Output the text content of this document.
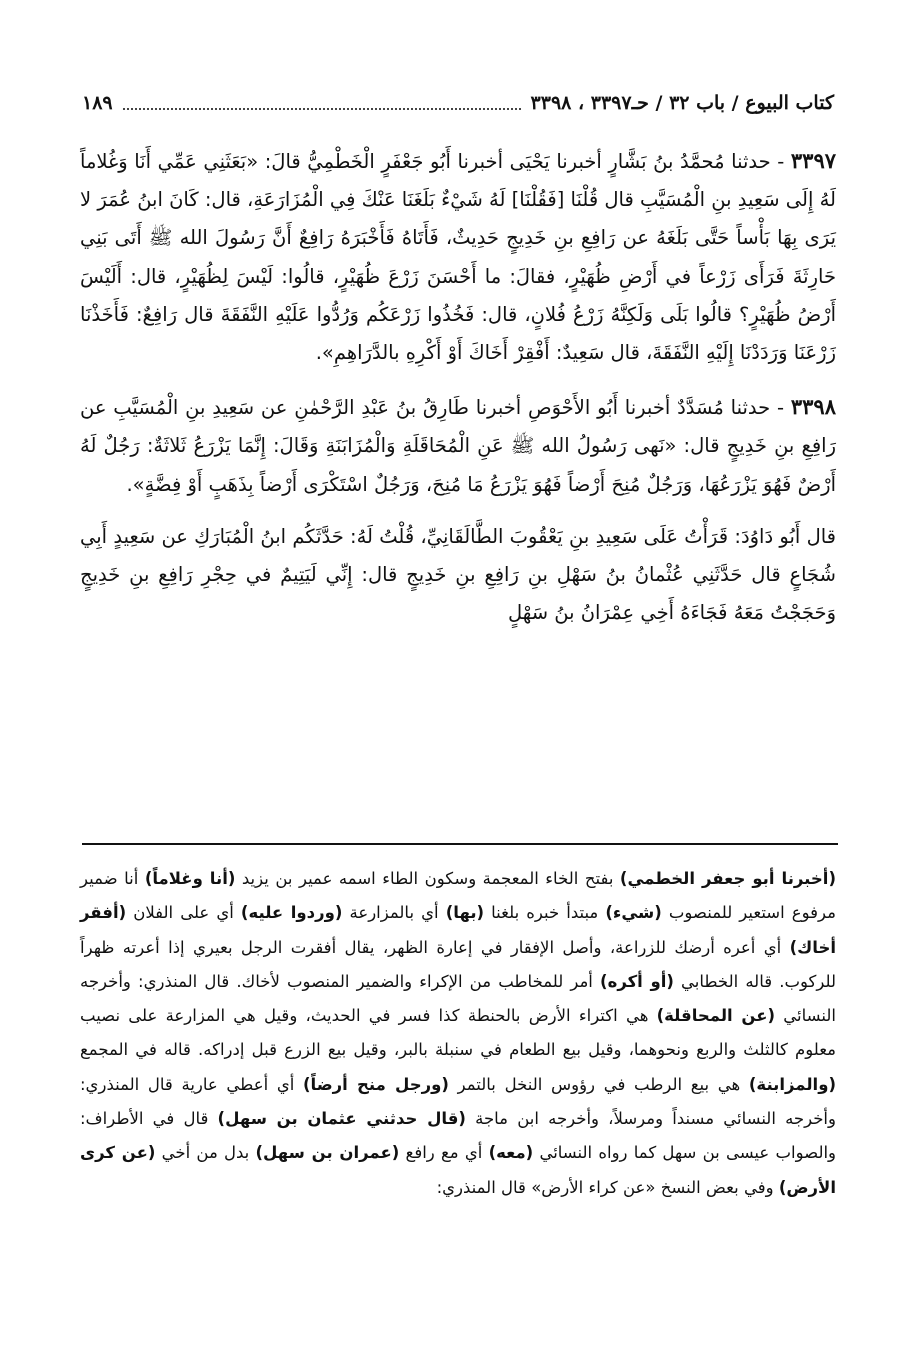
كتاب البيوع / باب ٣٢ / حـ٣٣٩٧ ، ٣٣٩٨
١٨٩

٣٣٩٧ - حدثنا مُحمَّدُ بنُ بَشَّارٍ أخبرنا يَحْيَى أخبرنا أَبُو جَعْفَرٍ الْخَطْمِيُّ قالَ: «بَعَثَنِي عَمِّي أَنَا وَغُلاماً لَهُ إِلَى سَعِيدِ بنِ الْمُسَيَّبِ قال قُلْنَا [فَقُلْنَا] لَهُ شَيْءٌ بَلَغَنَا عَنْكَ فِي الْمُزَارَعَةِ، قال: كَانَ ابنُ عُمَرَ لا يَرَى بِهَا بَأْساً حَتَّى بَلَغَهُ عن رَافِعِ بنِ خَدِيجٍ حَدِيثٌ، فَأَتَاهُ فَأَخْبَرَهُ رَافِعٌ أَنَّ رَسُولَ الله ﷺ أَتَى بَنِي حَارِثَةَ فَرَأَى زَرْعاً في أَرْضِ ظُهَيْرٍ، فقالَ: ما أَحْسَنَ زَرْعَ ظُهَيْرٍ، قالُوا: لَيْسَ لِظُهَيْرٍ، قال: أَلَيْسَ أَرْضُ ظُهَيْرٍ؟ قالُوا بَلَى وَلَكِنَّهُ زَرْعُ فُلانٍ، قال: فَخُذُوا زَرْعَكُم وَرُدُّوا عَلَيْهِ النَّفَقَةَ قال رَافِعٌ: فَأَخَذْنَا زَرْعَنَا وَرَدَدْنَا إِلَيْهِ النَّفَقَةَ، قال سَعِيدٌ: أَفْقِرْ أَخَاكَ أَوْ أَكْرِهِ بالدَّرَاهِمِ».

٣٣٩٨ - حدثنا مُسَدَّدٌ أخبرنا أَبُو الأَحْوَصِ أخبرنا طَارِقُ بنُ عَبْدِ الرَّحْمٰنِ عن سَعِيدِ بنِ الْمُسَيَّبِ عن رَافِعِ بنِ خَدِيجٍ قال: «نَهى رَسُولُ الله ﷺ عَنِ الْمُحَاقَلَةِ وَالْمُزَابَنَةِ وَقَالَ: إِنَّمَا يَزْرَعُ ثَلاثَةٌ: رَجُلٌ لَهُ أَرْضٌ فَهُوَ يَزْرَعُهَا، وَرَجُلٌ مُنِحَ أَرْضاً فَهُوَ يَزْرَعُ مَا مُنِحَ، وَرَجُلٌ اسْتَكْرَى أَرْضاً بِذَهَبٍ أَوْ فِضَّةٍ».

قال أَبُو دَاوُدَ: قَرَأْتُ عَلَى سَعِيدِ بنِ يَعْقُوبَ الطَّالَقَانِيِّ، قُلْتُ لَهُ: حَدَّثَكُم ابنُ الْمُبَارَكِ عن سَعِيدٍ أَبِي شُجَاعٍ قال حَدَّثَنِي عُثْمانُ بنُ سَهْلِ بنِ رَافِعِ بنِ خَدِيجٍ قال: إِنِّي لَيَتِيمٌ في حِجْرِ رَافِعِ بنِ خَدِيجٍ وَحَجَجْتُ مَعَهُ فَجَاءَهُ أَخِي عِمْرَانُ بنُ سَهْلٍ

(أخبرنا أبو جعفر الخطمي) بفتح الخاء المعجمة وسكون الطاء اسمه عمير بن يزيد (أنا وغلاماً) أنا ضمير مرفوع استعير للمنصوب (شيء) مبتدأ خبره بلغنا (بها) أي بالمزارعة (وردوا عليه) أي على الفلان (أفقر أخاك) أي أعره أرضك للزراعة، وأصل الإفقار في إعارة الظهر، يقال أفقرت الرجل بعيري إذا أعرته ظهراً للركوب. قاله الخطابي (أو أكره) أمر للمخاطب من الإكراء والضمير المنصوب لأخاك. قال المنذري: وأخرجه النسائي (عن المحاقلة) هي اكتراء الأرض بالحنطة كذا فسر في الحديث، وقيل هي المزارعة على نصيب معلوم كالثلث والربع ونحوهما، وقيل بيع الطعام في سنبلة بالبر، وقيل بيع الزرع قبل إدراكه. قاله في المجمع (والمزابنة) هي بيع الرطب في رؤوس النخل بالتمر (ورجل منح أرضاً) أي أعطي عارية قال المنذري: وأخرجه النسائي مسنداً ومرسلاً، وأخرجه ابن ماجة (قال حدثني عثمان بن سهل) قال في الأطراف: والصواب عيسى بن سهل كما رواه النسائي (معه) أي مع رافع (عمران بن سهل) بدل من أخي (عن كرى الأرض) وفي بعض النسخ «عن كراء الأرض» قال المنذري:
